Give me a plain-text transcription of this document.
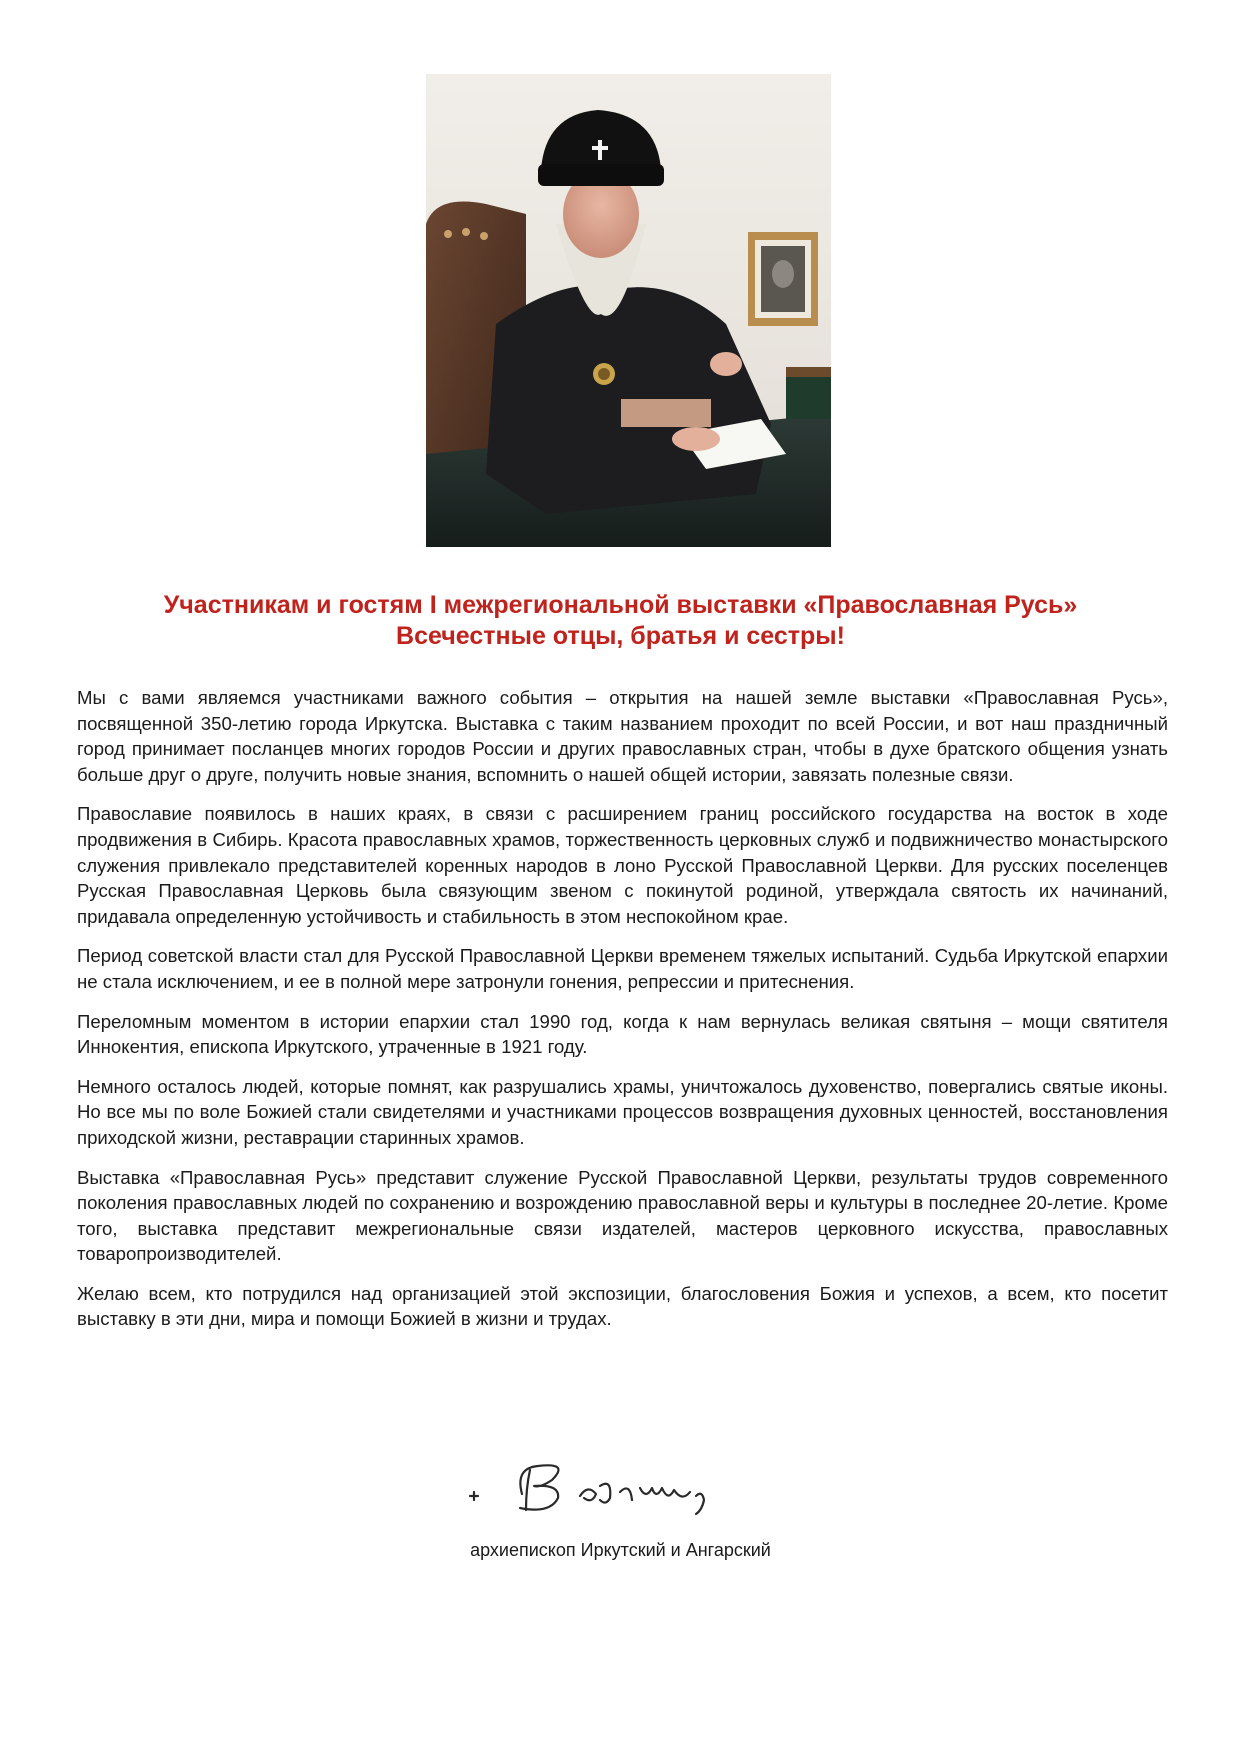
Участникам и гостям I межрегиональной выставки «Православная Русь»
Всечестные отцы, братья и сестры!

Мы с вами являемся участниками важного события – открытия на нашей земле выставки «Православная Русь», посвященной 350-летию города Иркутска. Выставка с таким названием проходит по всей России, и вот наш праздничный город принимает посланцев многих городов России и других православных стран, чтобы в духе братского общения узнать больше друг о друге, получить новые знания, вспомнить о нашей общей истории, завязать полезные связи.

Православие появилось в наших краях, в связи с расширением границ российского государства на восток в ходе продвижения в Сибирь. Красота православных храмов, торжественность церковных служб и подвижничество монастырского служения привлекало представителей коренных народов в лоно Русской Православной Церкви. Для русских поселенцев Русская Православная Церковь была связующим звеном с покинутой родиной, утверждала святость их начинаний, придавала определенную устойчивость и стабильность в этом неспокойном крае.

Период советской власти стал для Русской Православной Церкви временем тяжелых испытаний. Судьба Иркутской епархии не стала исключением, и ее в полной мере затронули гонения, репрессии и притеснения.

Переломным моментом в истории епархии стал 1990 год, когда к нам вернулась великая святыня – мощи святителя Иннокентия, епископа Иркутского, утраченные в 1921 году.

Немного осталось людей, которые помнят, как разрушались храмы, уничтожалось духовенство, повергались святые иконы. Но все мы по воле Божией стали свидетелями и участниками процессов возвращения духовных ценностей, восстановления приходской жизни, реставрации старинных храмов.

Выставка «Православная Русь» представит служение Русской Православной Церкви, результаты трудов современного поколения православных людей по сохранению и возрождению православной веры и культуры в последнее 20-летие. Кроме того, выставка представит межрегиональные связи издателей, мастеров церковного искусства, православных товаропроизводителей.

Желаю всем, кто потрудился над организацией этой экспозиции, благословения Божия и успехов, а всем, кто посетит выставку в эти дни, мира и помощи Божией в жизни и трудах.

архиепископ Иркутский и Ангарский
